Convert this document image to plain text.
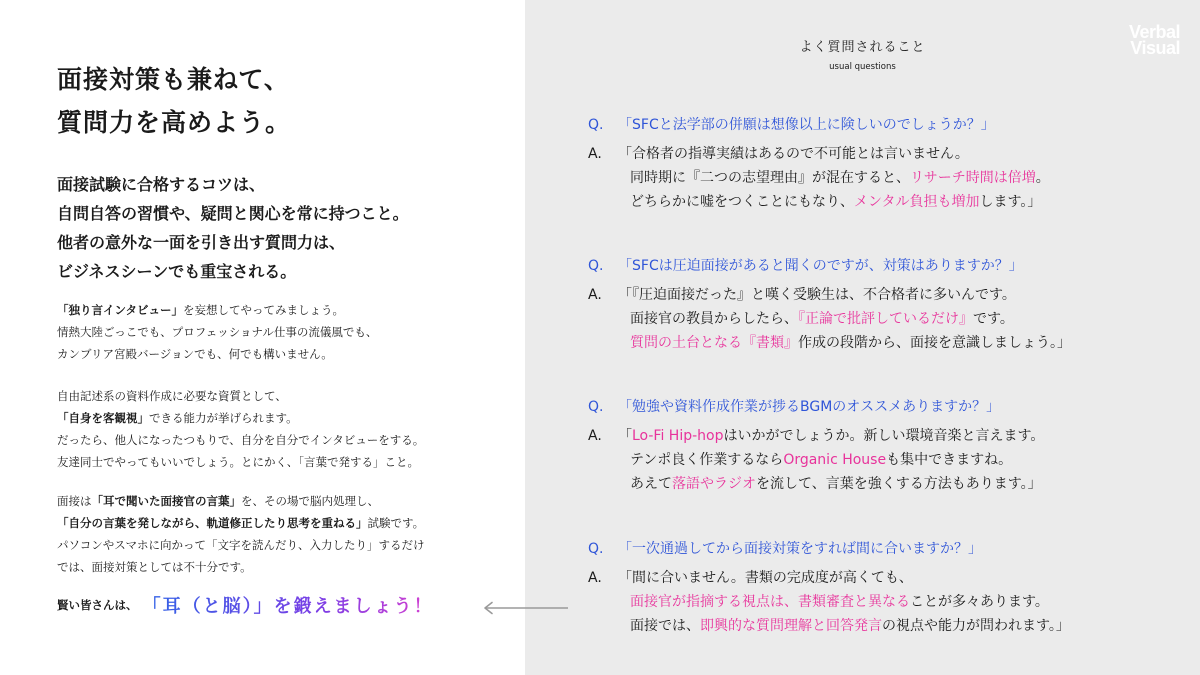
面接対策も兼ねて、
質問力を高めよう。
面接試験に合格するコツは、
自問自答の習慣や、疑問と関心を常に持つこと。
他者の意外な一面を引き出す質問力は、
ビジネスシーンでも重宝される。
「独り言インタビュー」を妄想してやってみましょう。
情熱大陸ごっこでも、プロフェッショナル仕事の流儀風でも、
カンブリア宮殿バージョンでも、何でも構いません。
自由記述系の資料作成に必要な資質として、
「自身を客観視」できる能力が挙げられます。
だったら、他人になったつもりで、自分を自分でインタビューをする。
友達同士でやってもいいでしょう。とにかく、「言葉で発する」こと。
面接は「耳で聞いた面接官の言葉」を、その場で脳内処理し、
「自分の言葉を発しながら、軌道修正したり思考を重ねる」試験です。
パソコンやスマホに向かって「文字を読んだり、入力したり」するだけ
では、面接対策としては不十分です。
賢い皆さんは、 「耳（と脳）」を鍛えましょう！
Verbal
Visual
よく質問されること
usual questions
Q. 「SFCと法学部の併願は想像以上に険しいのでしょうか？」
A. 「合格者の指導実績はあるので不可能とは言いません。
同時期に『二つの志望理由』が混在すると、リサーチ時間は倍増。
どちらかに嘘をつくことにもなり、メンタル負担も増加します。」
Q. 「SFCは圧迫面接があると聞くのですが、対策はありますか？」
A. 「『圧迫面接だった』と嘆く受験生は、不合格者に多いんです。
面接官の教員からしたら、『正論で批評しているだけ』です。
質問の土台となる『書類』作成の段階から、面接を意識しましょう。」
Q. 「勉強や資料作成作業が捗るBGMのオススメありますか？」
A. 「Lo-Fi Hip-hopはいかがでしょうか。新しい環境音楽と言えます。
テンポ良く作業するならOrganic Houseも集中できますね。
あえて落語やラジオを流して、言葉を強くする方法もあります。」
Q. 「一次通過してから面接対策をすれば間に合いますか？」
A. 「間に合いません。書類の完成度が高くても、
面接官が指摘する視点は、書類審査と異なることが多々あります。
面接では、即興的な質問理解と回答発言の視点や能力が問われます。」
